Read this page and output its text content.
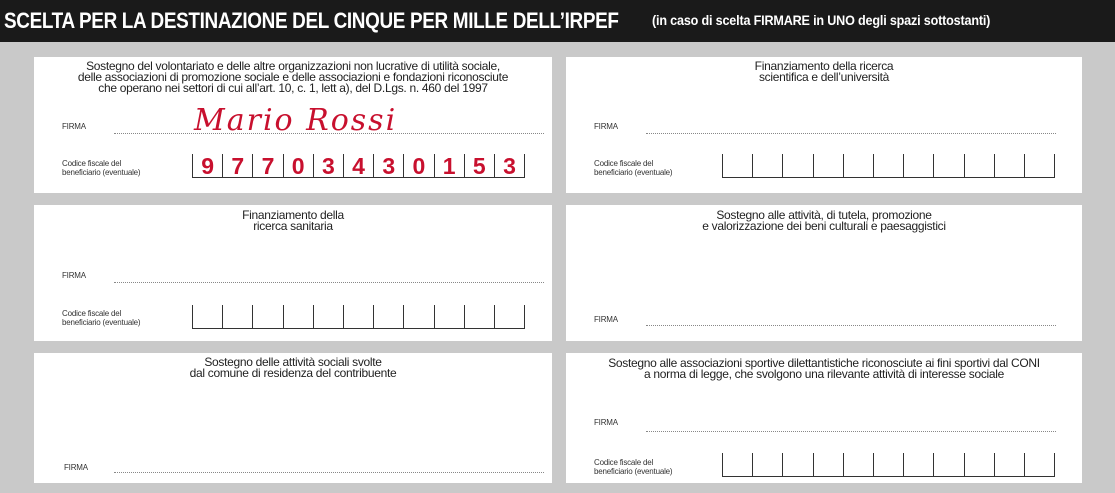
SCELTA PER LA DESTINAZIONE DEL CINQUE PER MILLE DELL’IRPEF (in caso di scelta FIRMARE in UNO degli spazi sottostanti)
Sostegno del volontariato e delle altre organizzazioni non lucrative di utilità sociale,
delle associazioni di promozione sociale e delle associazioni e fondazioni riconosciute
che operano nei settori di cui all’art. 10, c. 1, lett a), del D.Lgs. n. 460 del 1997
FIRMA	Mario Rossi
Codice fiscale del
beneficiario (eventuale)	9 7 7 0 3 4 3 0 1 5 3
Finanziamento della ricerca
scientifica e dell’università
FIRMA
Codice fiscale del
beneficiario (eventuale)
Finanziamento della
ricerca sanitaria
FIRMA
Codice fiscale del
beneficiario (eventuale)
Sostegno alle attività, di tutela, promozione
e valorizzazione dei beni culturali e paesaggistici
FIRMA
Sostegno delle attività sociali svolte
dal comune di residenza del contribuente
FIRMA
Sostegno alle associazioni sportive dilettantistiche riconosciute ai fini sportivi dal CONI
a norma di legge, che svolgono una rilevante attività di interesse sociale
FIRMA
Codice fiscale del
beneficiario (eventuale)
